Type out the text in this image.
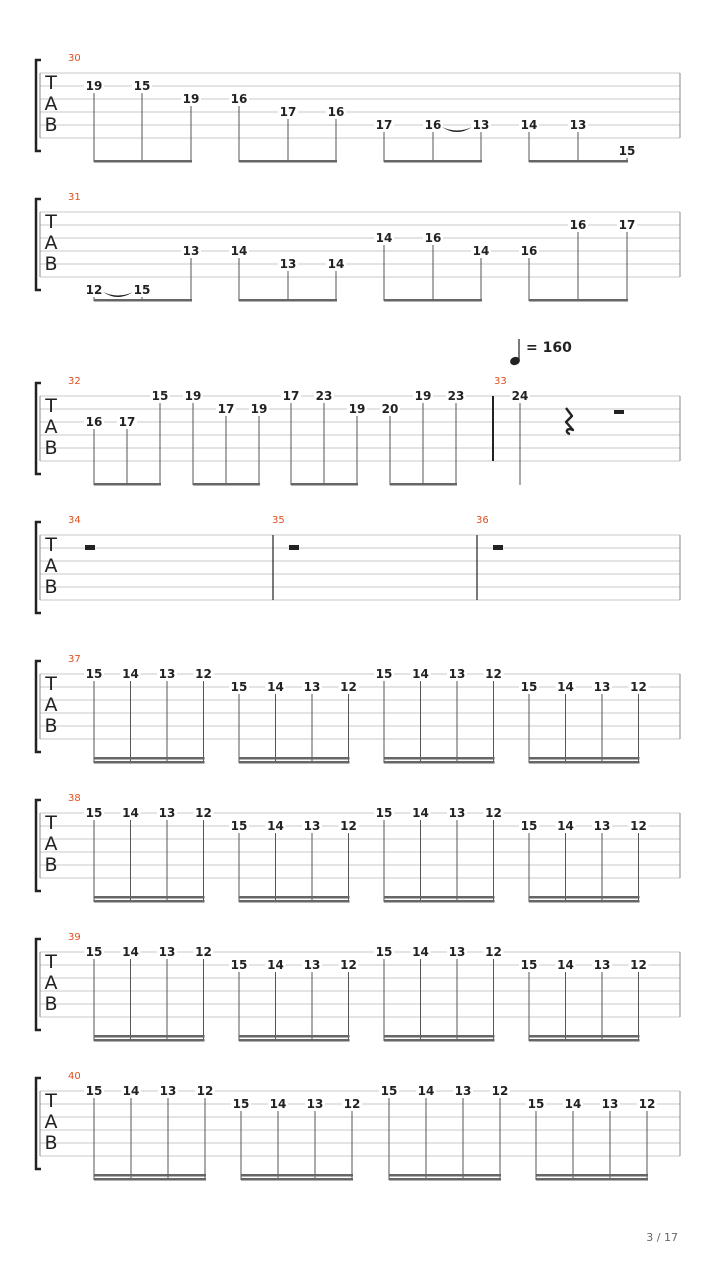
T
A
B
30
19	15
19	16
17	16
17	16	13	14	13
15
T
A
B
31
12	15
13	14
13	14
14	16
14	16
16	17
T
A
B
32
16 17
15 19
17 19
17 23
19 20
19 23
33
24
= 160
T
A
B
34	35	36
T
A
B
37
15 14 13 12
15 14 13 12
15 14 13 12
15 14 13 12
T
A
B
38
15 14 13 12
15 14 13 12
15 14 13 12
15 14 13 12
T
A
B
39
15 14 13 12
15 14 13 12
15 14 13 12
15 14 13 12
T
A
B
40
15 14 13 12
15 14 13 12
15 14 13 12
15 14 13 12
3 / 17
